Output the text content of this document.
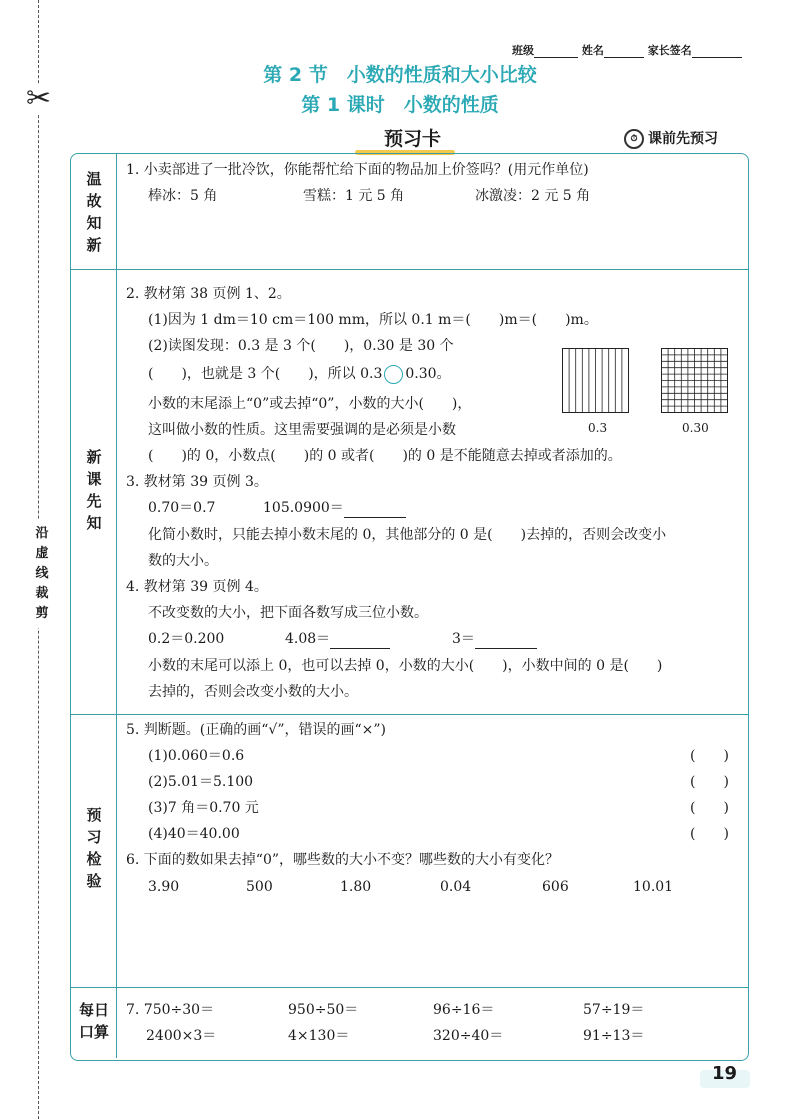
✂
沿虚线裁剪
班级	姓名	家长签名
第 2 节　小数的性质和大小比较
第 1 课时　小数的性质
预习卡	⏱ 课前先预习
温故知新
新课先知
预习检验
每日口算
1. 小卖部进了一批冷饮，你能帮忙给下面的物品加上价签吗？(用元作单位)
棒冰：5 角	雪糕：1 元 5 角	冰激凌：2 元 5 角
2. 教材第 38 页例 1、2。
(1)因为 1 dm＝10 cm＝100 mm，所以 0.1 m＝(　　)m＝(　　)m。
(2)读图发现：0.3 是 3 个(　　)，0.30 是 30 个
(　　)，也就是 3 个(　　)，所以 0.3 0.30。
小数的末尾添上“0”或去掉“0”，小数的大小(　　)，
这叫做小数的性质。这里需要强调的是必须是小数
(　　)的 0，小数点(　　)的 0 或者(　　)的 0 是不能随意去掉或者添加的。
0.3	0.30
3. 教材第 39 页例 3。
0.70＝0.7	105.0900＝
化简小数时，只能去掉小数末尾的 0，其他部分的 0 是(　　)去掉的，否则会改变小
数的大小。
4. 教材第 39 页例 4。
不改变数的大小，把下面各数写成三位小数。
0.2＝0.200	4.08＝	3＝
小数的末尾可以添上 0，也可以去掉 0，小数的大小(　　)，小数中间的 0 是(　　)
去掉的，否则会改变小数的大小。
5. 判断题。(正确的画“√”，错误的画“×”)
(1)0.060＝0.6	(　　)
(2)5.01＝5.100	(　　)
(3)7 角＝0.70 元	(　　)
(4)40＝40.00	(　　)
6. 下面的数如果去掉“0”，哪些数的大小不变？哪些数的大小有变化？
3.90	500	1.80	0.04	606	10.01
7. 750÷30＝	950÷50＝	96÷16＝	57÷19＝
2400×3＝	4×130＝	320÷40＝	91÷13＝
19
